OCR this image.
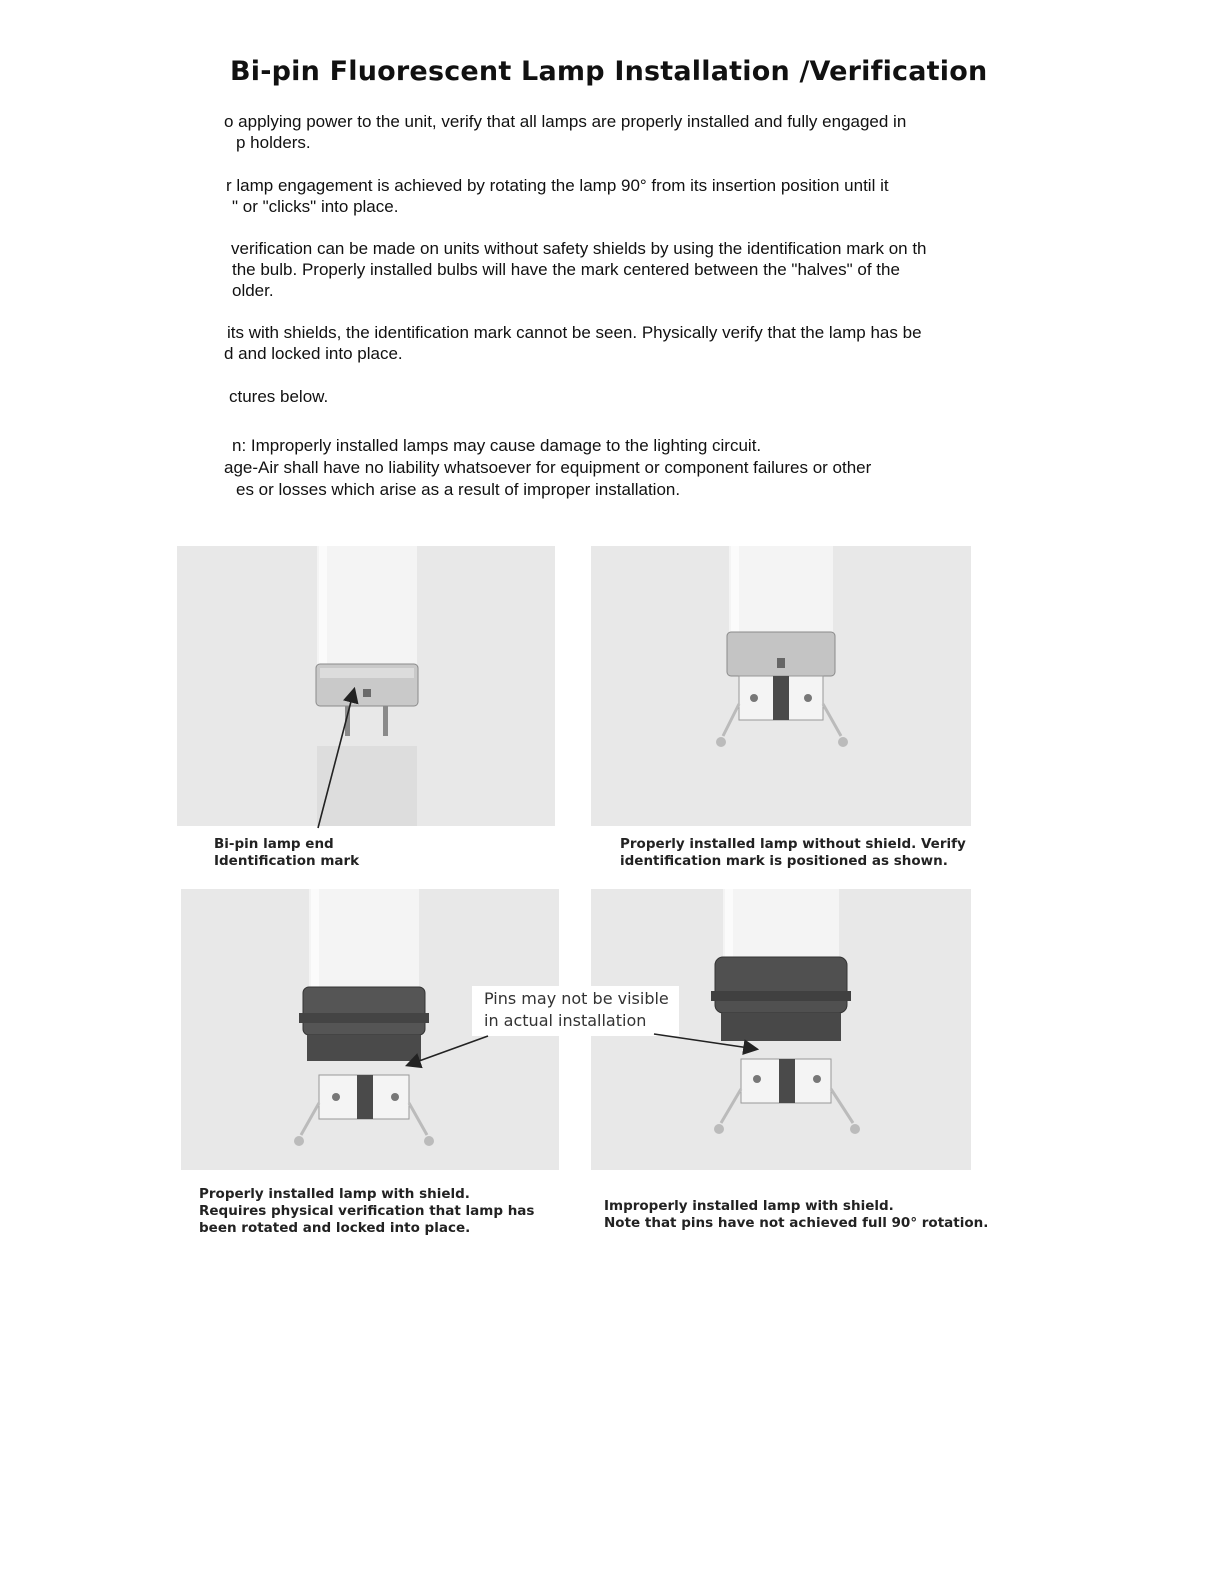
Bi-pin Fluorescent Lamp Installation /Verification
o applying power to the unit, verify that all lamps are properly installed and fully engaged in
p holders.
r lamp engagement is achieved by rotating the lamp 90° from its insertion position until it
" or "clicks" into place.
verification can be made on units without safety shields by using the identification mark on th
the bulb. Properly installed bulbs will have the mark centered between the "halves" of the
older.
its with shields, the identification mark cannot be seen. Physically verify that the lamp has be
d and locked into place.
ctures below.
n: Improperly installed lamps may cause damage to the lighting circuit.
age-Air shall have no liability whatsoever for equipment or component failures or other
es or losses which arise as a result of improper installation.
Bi-pin lamp end
Identification mark
Properly installed lamp without shield. Verify
identification mark is positioned as shown.
Pins may not be visible
in actual installation
Properly installed lamp with shield.
Requires physical verification that lamp has
been rotated and locked into place.
Improperly installed lamp with shield.
Note that pins have not achieved full 90° rotation.
